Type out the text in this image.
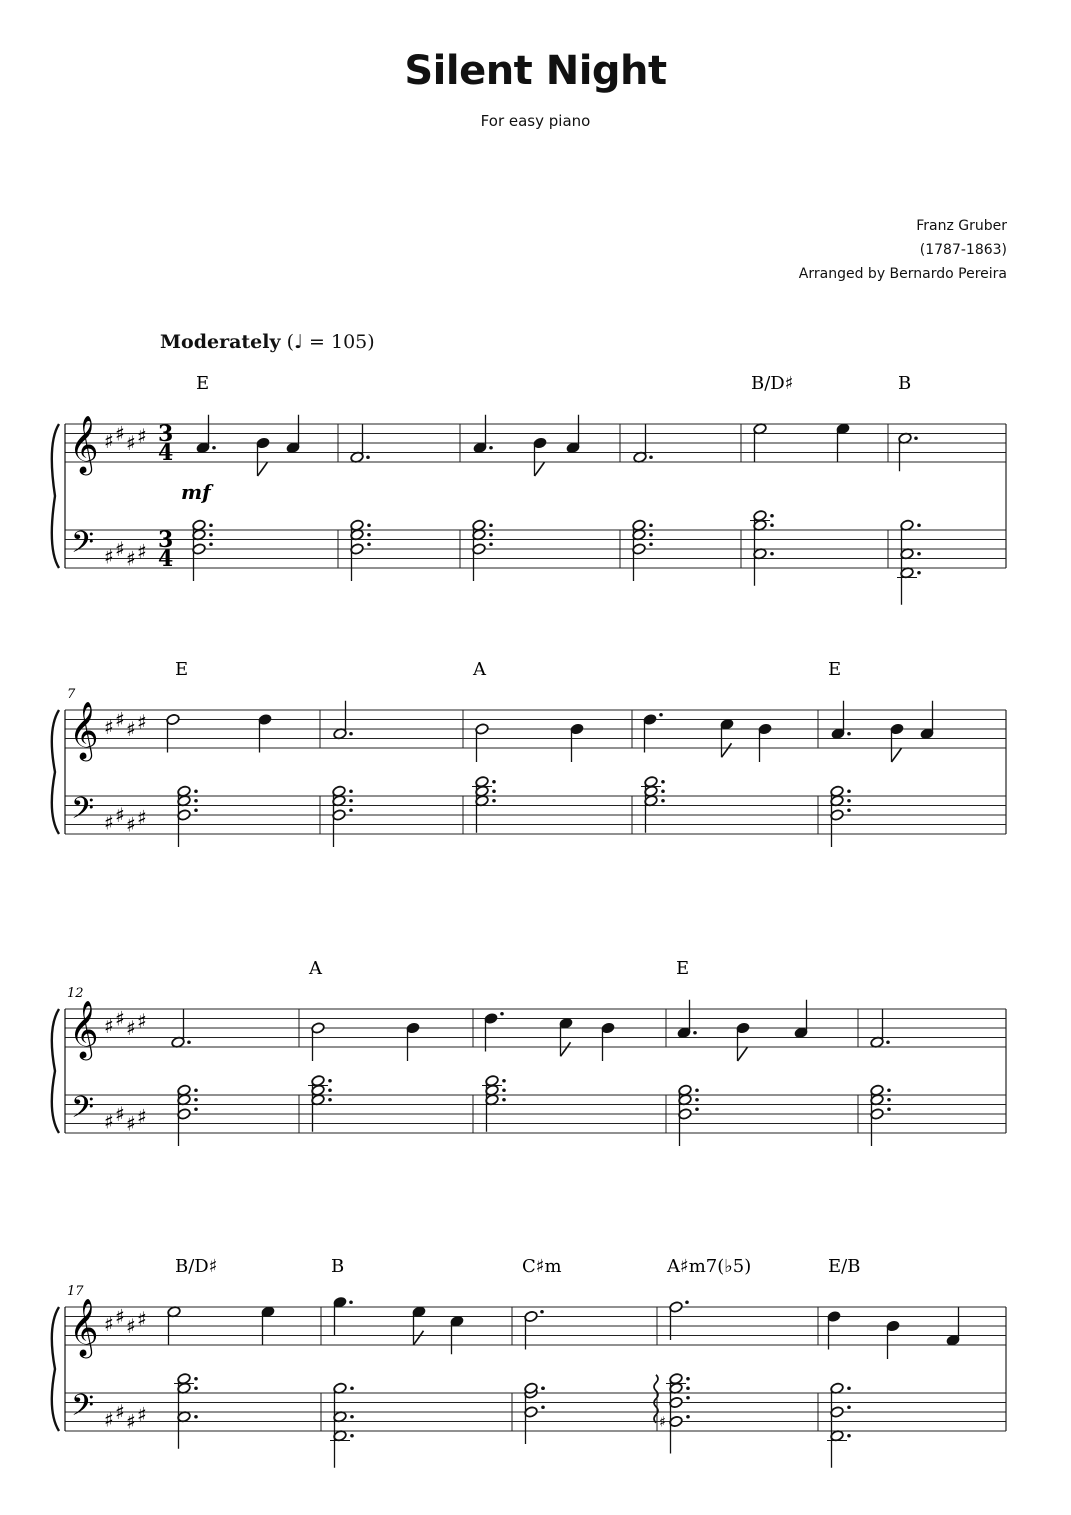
Silent Night
For easy piano
Franz Gruber
(1787-1863)
Arranged by Bernardo Pereira
Moderately (♩ = 105)
𝄞
𝄢
♯
♯
♯
♯
♯
♯
♯
♯
3
3
4
4
mf
𝄞
𝄢
♯
♯
♯
♯
♯
♯
♯
♯
7
𝄞
𝄢
♯
♯
♯
♯
♯
♯
♯
♯
12
𝄞
𝄢
♯
♯
♯
♯
♯
♯
♯
♯
17
♯
E	B/D♯	B
E	A	E
A	E
B/D♯	B	C♯m	A♯m7(♭5)	E/B
